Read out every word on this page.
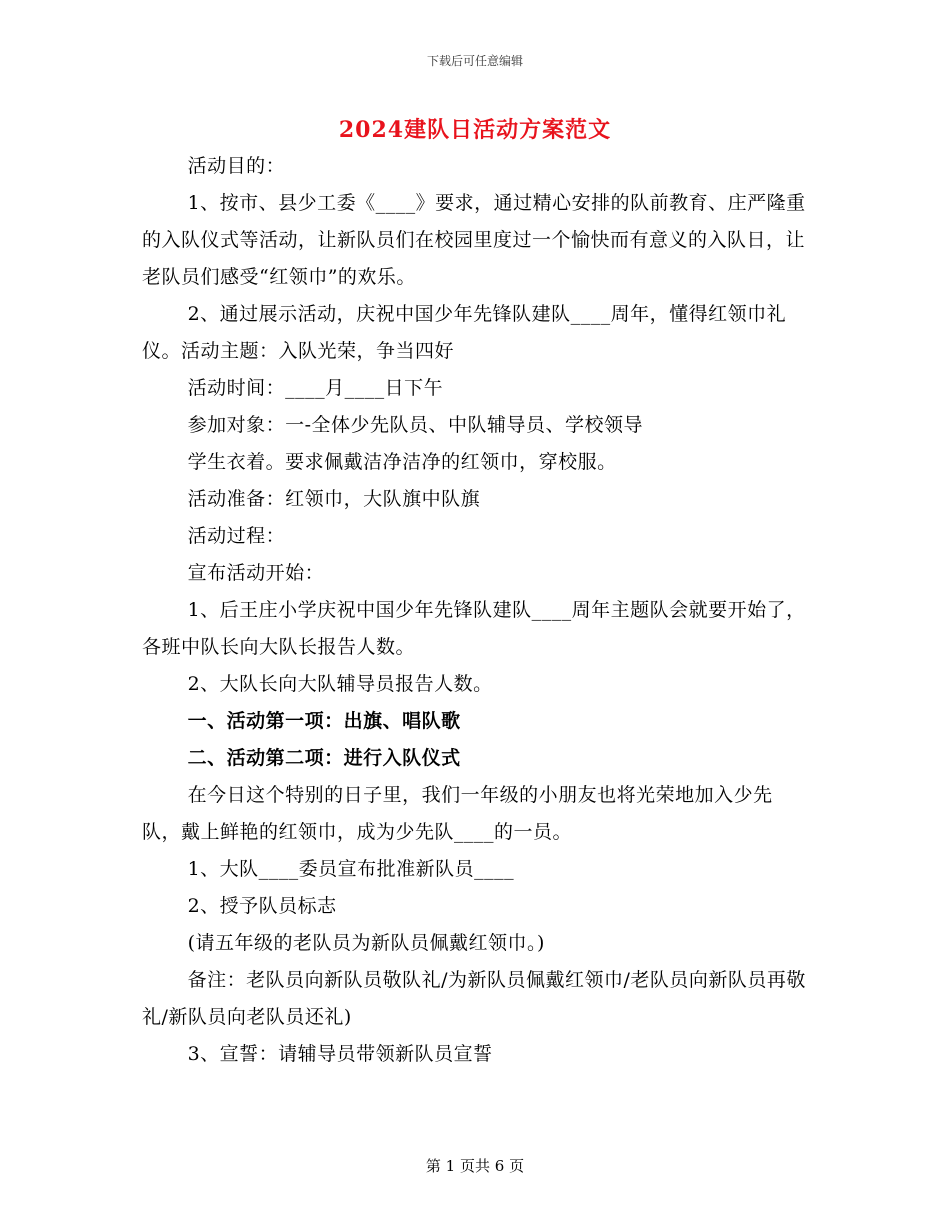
下载后可任意编辑
2024建队日活动方案范文
活动目的：
1、按市、县少工委《____》要求，通过精心安排的队前教育、庄严隆重的入队仪式等活动，让新队员们在校园里度过一个愉快而有意义的入队日，让老队员们感受“红领巾”的欢乐。
2、通过展示活动，庆祝中国少年先锋队建队____周年，懂得红领巾礼仪。活动主题：入队光荣，争当四好
活动时间：____月____日下午
参加对象：一-全体少先队员、中队辅导员、学校领导
学生衣着。要求佩戴洁净洁净的红领巾，穿校服。
活动准备：红领巾，大队旗中队旗
活动过程：
宣布活动开始：
1、后王庄小学庆祝中国少年先锋队建队____周年主题队会就要开始了，各班中队长向大队长报告人数。
2、大队长向大队辅导员报告人数。
一、活动第一项：出旗、唱队歌
二、活动第二项：进行入队仪式
在今日这个特别的日子里，我们一年级的小朋友也将光荣地加入少先队，戴上鲜艳的红领巾，成为少先队____的一员。
1、大队____委员宣布批准新队员____
2、授予队员标志
(请五年级的老队员为新队员佩戴红领巾。)
备注：老队员向新队员敬队礼/为新队员佩戴红领巾/老队员向新队员再敬礼/新队员向老队员还礼)
3、宣誓：请辅导员带领新队员宣誓
第 1 页共 6 页
